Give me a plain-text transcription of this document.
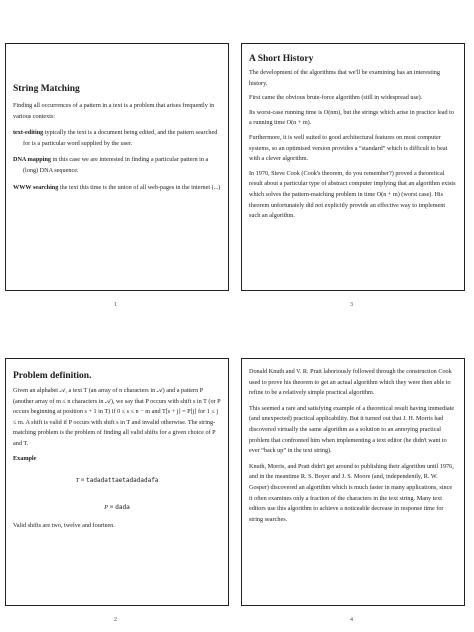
String Matching

Finding all occurrences of a pattern in a text is a problem that arises frequently in various contexts:

text-editing typically the text is a document being edited, and the pattern searched for is a particular word supplied by the user.

DNA mapping in this case we are interested in finding a particular pattern in a (long) DNA sequence.

WWW searching the text this time is the union of all web-pages in the internet (...)

1
A Short History

The development of the algorithms that we'll be examining has an interesting history.

First came the obvious brute-force algorithm (still in widespread use).

Its worst-case running time is O(nm), but the strings which arise in practice lead to a running time O(n + m).

Furthermore, it is well suited to good architectural features on most computer systems, so an optimised version provides a “standard” which is difficult to beat with a clever algorithm.

In 1970, Steve Cook (Cook's theorem, do you remember?) proved a theoretical result about a particular type of abstract computer implying that an algorithm exists which solves the pattern-matching problem in time O(n + m) (worst case). His theorem unfortunately did not explicitly provide an effective way to implement such an algorithm.

3
Problem definition.

Given an alphabet 𝒜, a text T (an array of n characters in 𝒜) and a pattern P (another array of m ≤ n characters in 𝒜), we say that P occurs with shift s in T (or P occurs beginning at position s + 1 in T) if 0 ≤ s ≤ n − m and T[s + j] = P[j] for 1 ≤ j ≤ m. A shift is valid if P occurs with shift s in T and invalid otherwise. The string-matching problem is the problem of finding all valid shifts for a given choice of P and T.

Example

T ≡ tadadattaetadadadafa

P ≡ dada

Valid shifts are two, twelve and fourteen.

2

Donald Knuth and V. R. Pratt laboriously followed through the construction Cook used to prove his theorem to get an actual algorithm which they were then able to refine to be a relatively simple practical algorithm.

This seemed a rare and satisfying example of a theoretical result having immediate (and unexpected) practical applicability. But it turned out that J. H. Morris had discovered virtually the same algorithm as a solution to an annoying practical problem that confronted him when implementing a text editor (he didn't want to ever “back up” in the text string).

Knuth, Morris, and Pratt didn't get around to publishing their algorithm until 1976, and in the meantime R. S. Boyer and J. S. Moore (and, independently, R. W. Gosper) discovered an algorithm which is much faster in many applications, since it often examines only a fraction of the characters in the text string. Many text editors use this algorithm to achieve a noticeable decrease in response time for string searches.

4
